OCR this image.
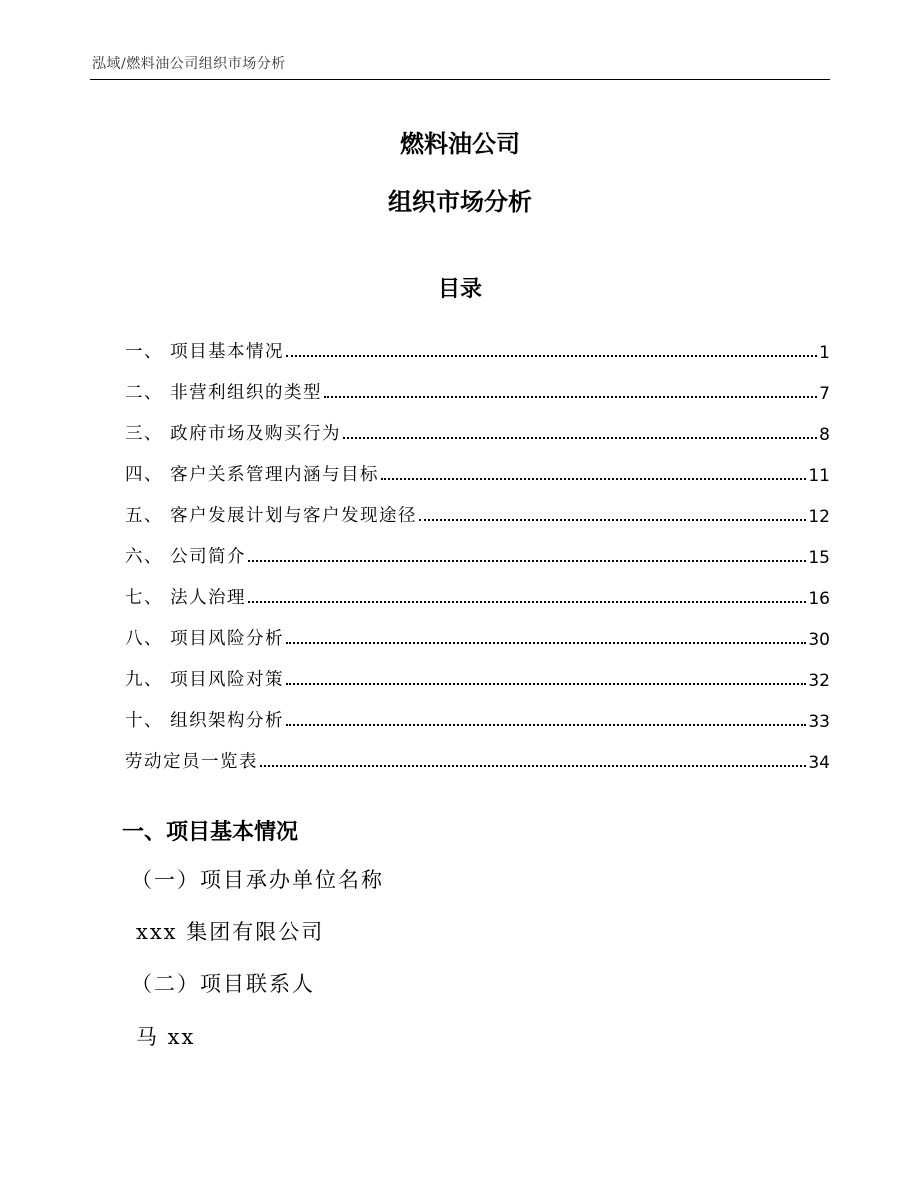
泓域/燃料油公司组织市场分析
燃料油公司
组织市场分析
目录
一、 项目基本情况	1
二、 非营利组织的类型	7
三、 政府市场及购买行为	8
四、 客户关系管理内涵与目标	11
五、 客户发展计划与客户发现途径	12
六、 公司简介	15
七、 法人治理	16
八、 项目风险分析	30
九、 项目风险对策	32
十、 组织架构分析	33
劳动定员一览表	34
一、项目基本情况
（一）项目承办单位名称
xxx 集团有限公司
（二）项目联系人
马 xx
